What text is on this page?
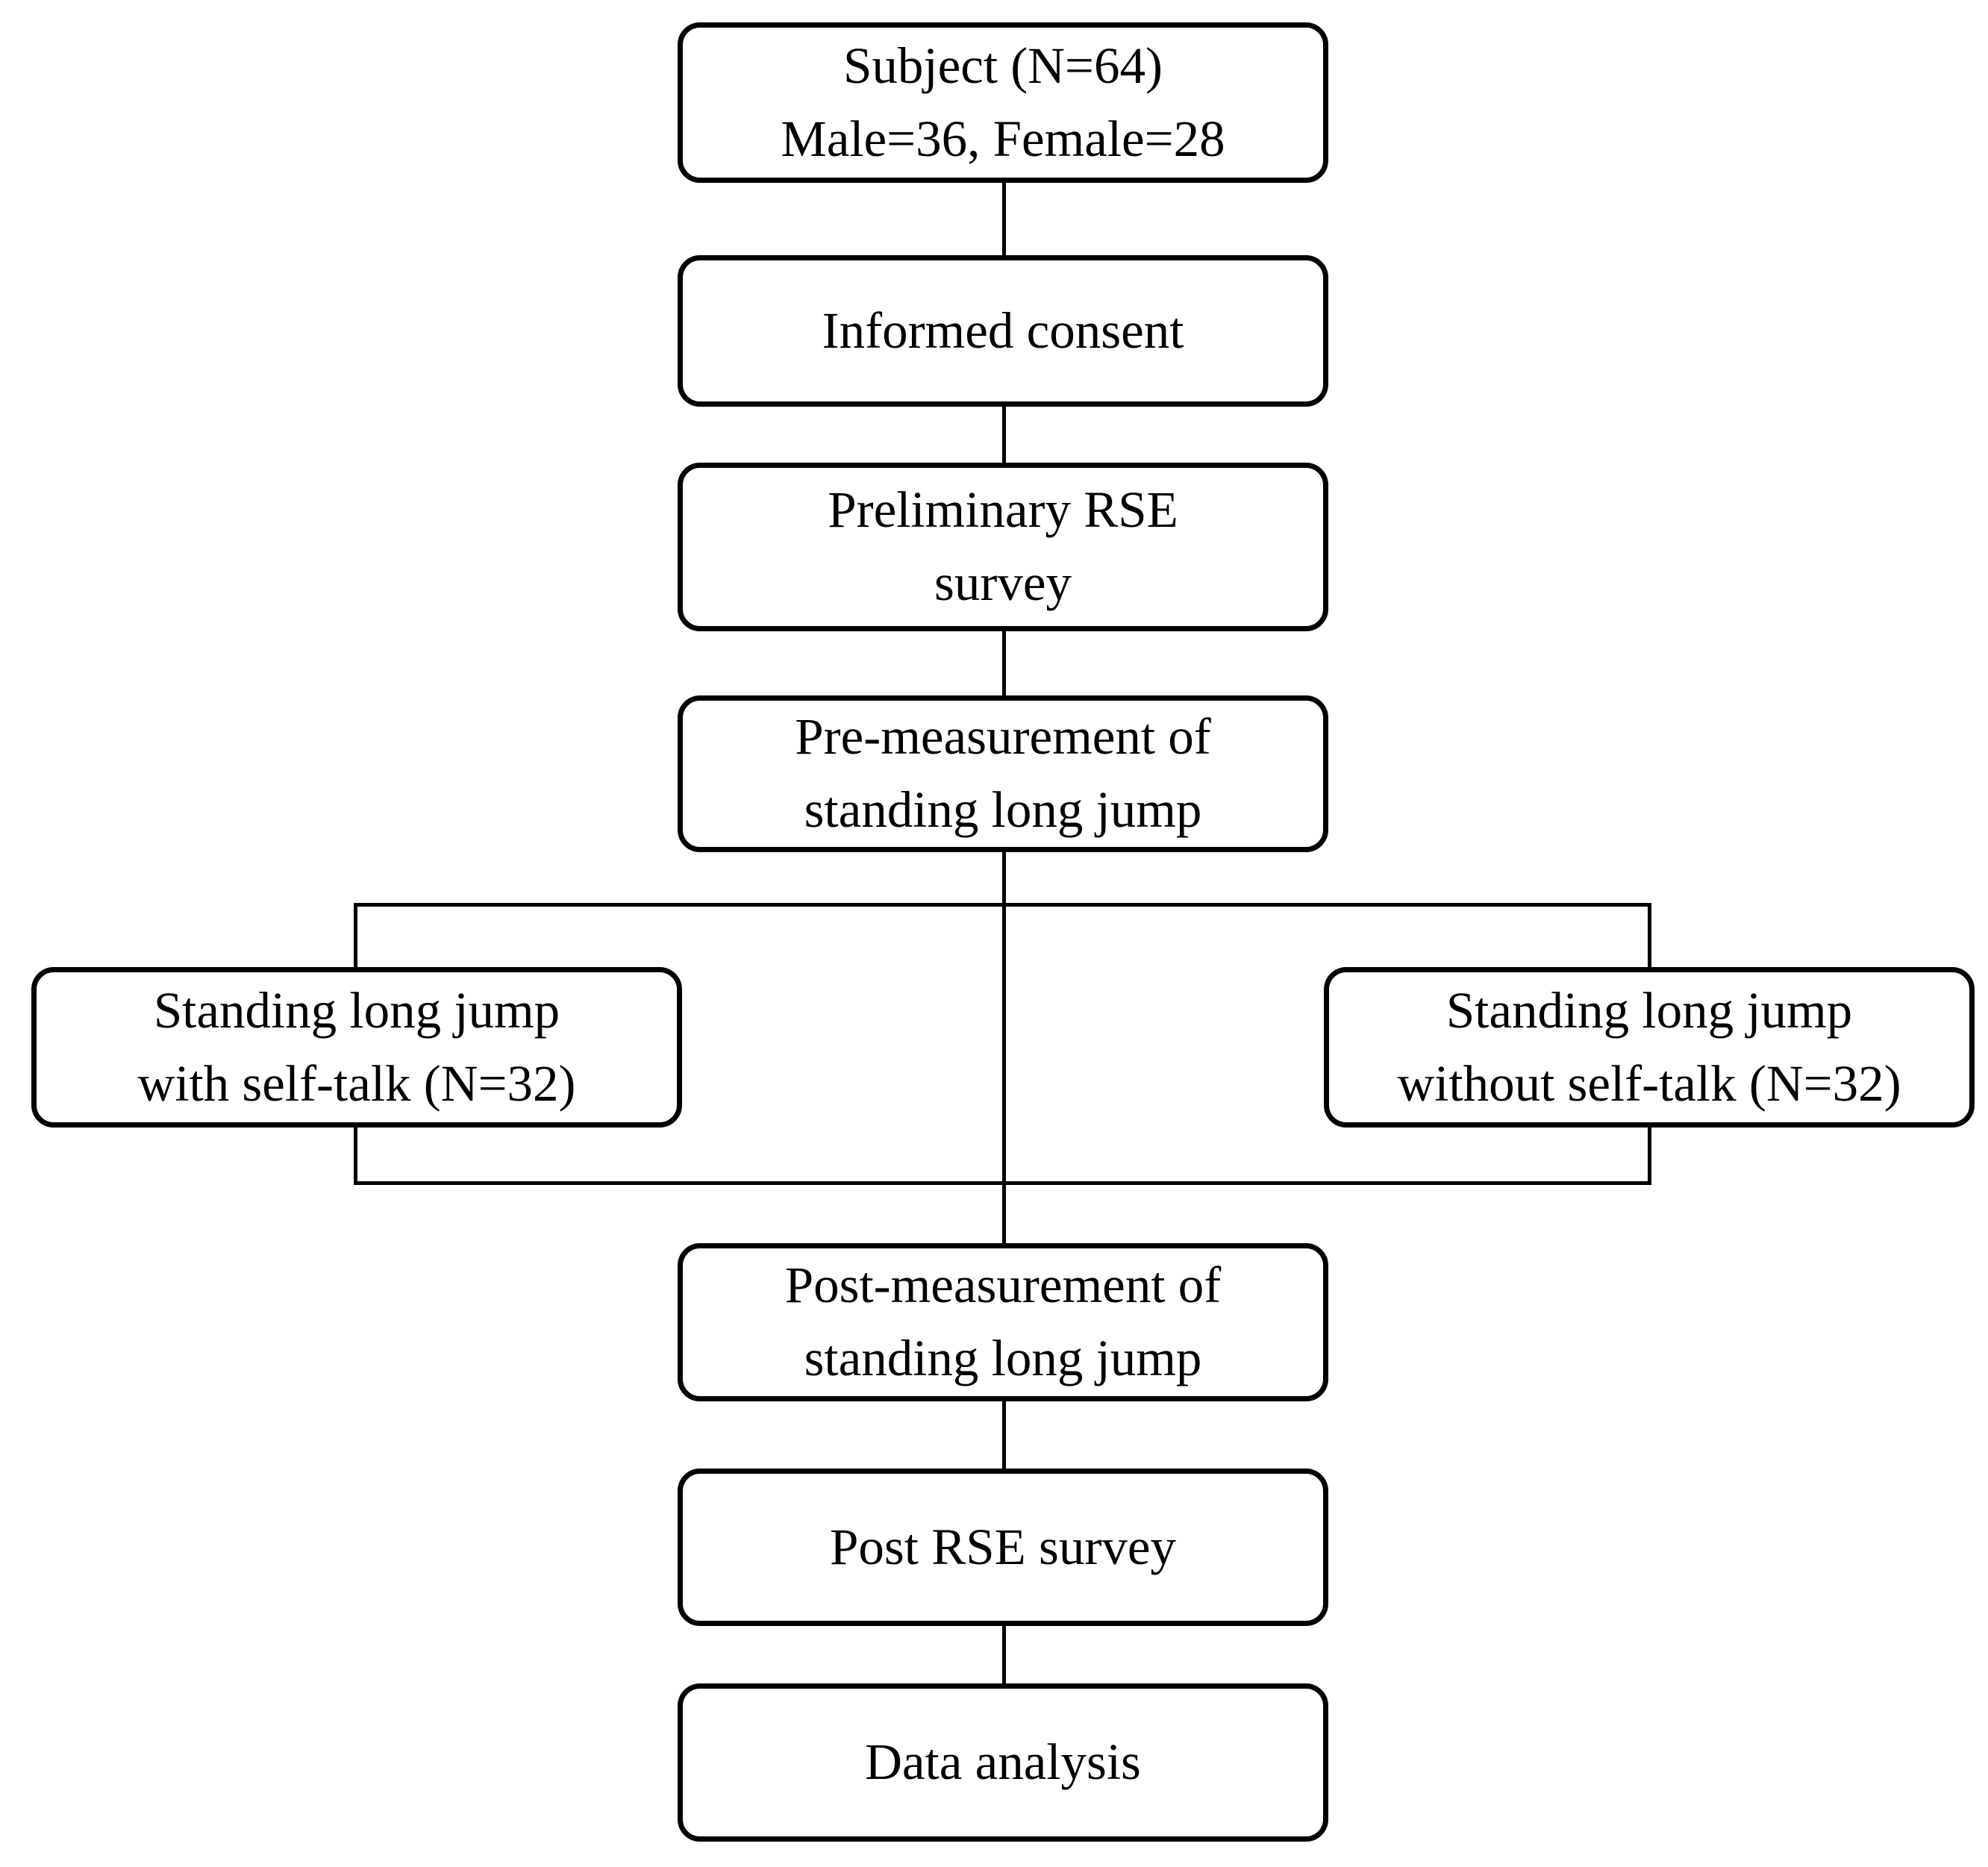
Subject (N=64)
Male=36, Female=28
Informed consent
Preliminary RSE
survey
Pre-measurement of
standing long jump
Standing long jump
with self-talk (N=32)
Standing long jump
without self-talk (N=32)
Post-measurement of
standing long jump
Post RSE survey
Data analysis
